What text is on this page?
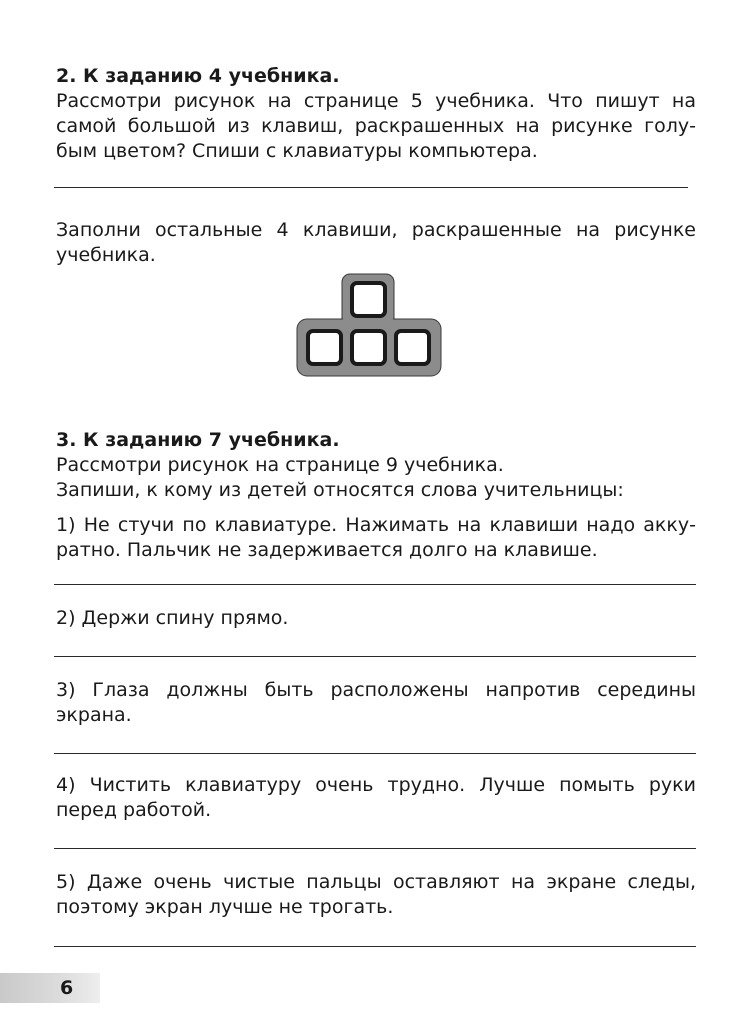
2. К заданию 4 учебника.
Рассмотри рисунок на странице 5 учебника. Что пишут на
самой большой из клавиш, раскрашенных на рисунке голу-
бым цветом? Спиши с клавиатуры компьютера.
Заполни остальные 4 клавиши, раскрашенные на рисунке
учебника.
3. К заданию 7 учебника.
Рассмотри рисунок на странице 9 учебника.
Запиши, к кому из детей относятся слова учительницы:
1) Не стучи по клавиатуре. Нажимать на клавиши надо акку-
ратно. Пальчик не задерживается долго на клавише.
2) Держи спину прямо.
3) Глаза должны быть расположены напротив середины
экрана.
4) Чистить клавиатуру очень трудно. Лучше помыть руки
перед работой.
5) Даже очень чистые пальцы оставляют на экране следы,
поэтому экран лучше не трогать.
6
